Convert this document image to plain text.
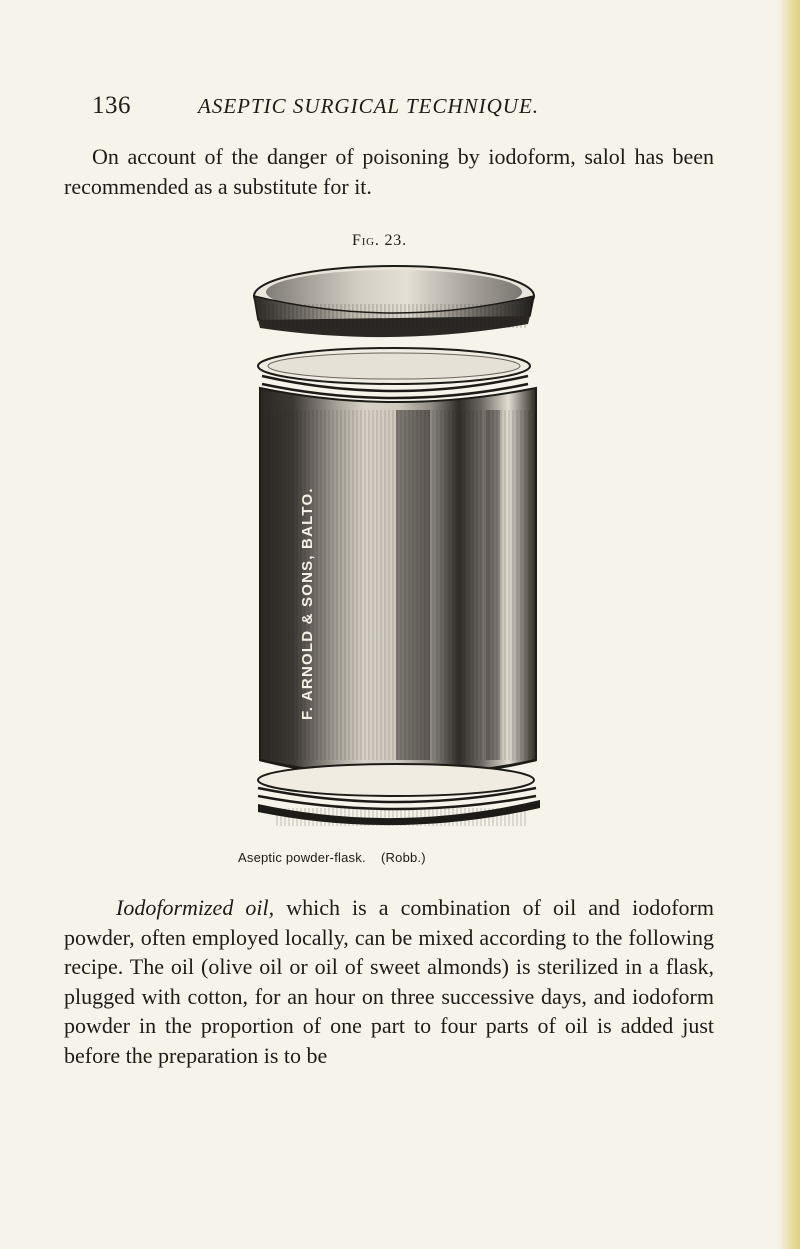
136	ASEPTIC SURGICAL TECHNIQUE.

On account of the danger of poisoning by iodoform, salol has been recommended as a substitute for it.

Fig. 23.
F. ARNOLD & SONS, BALTO.
Aseptic powder-flask. (Robb.)

Iodoformized oil, which is a combination of oil and iodoform powder, often employed locally, can be mixed according to the following recipe. The oil (olive oil or oil of sweet almonds) is sterilized in a flask, plugged with cotton, for an hour on three successive days, and iodoform powder in the proportion of one part to four parts of oil is added just before the preparation is to be
